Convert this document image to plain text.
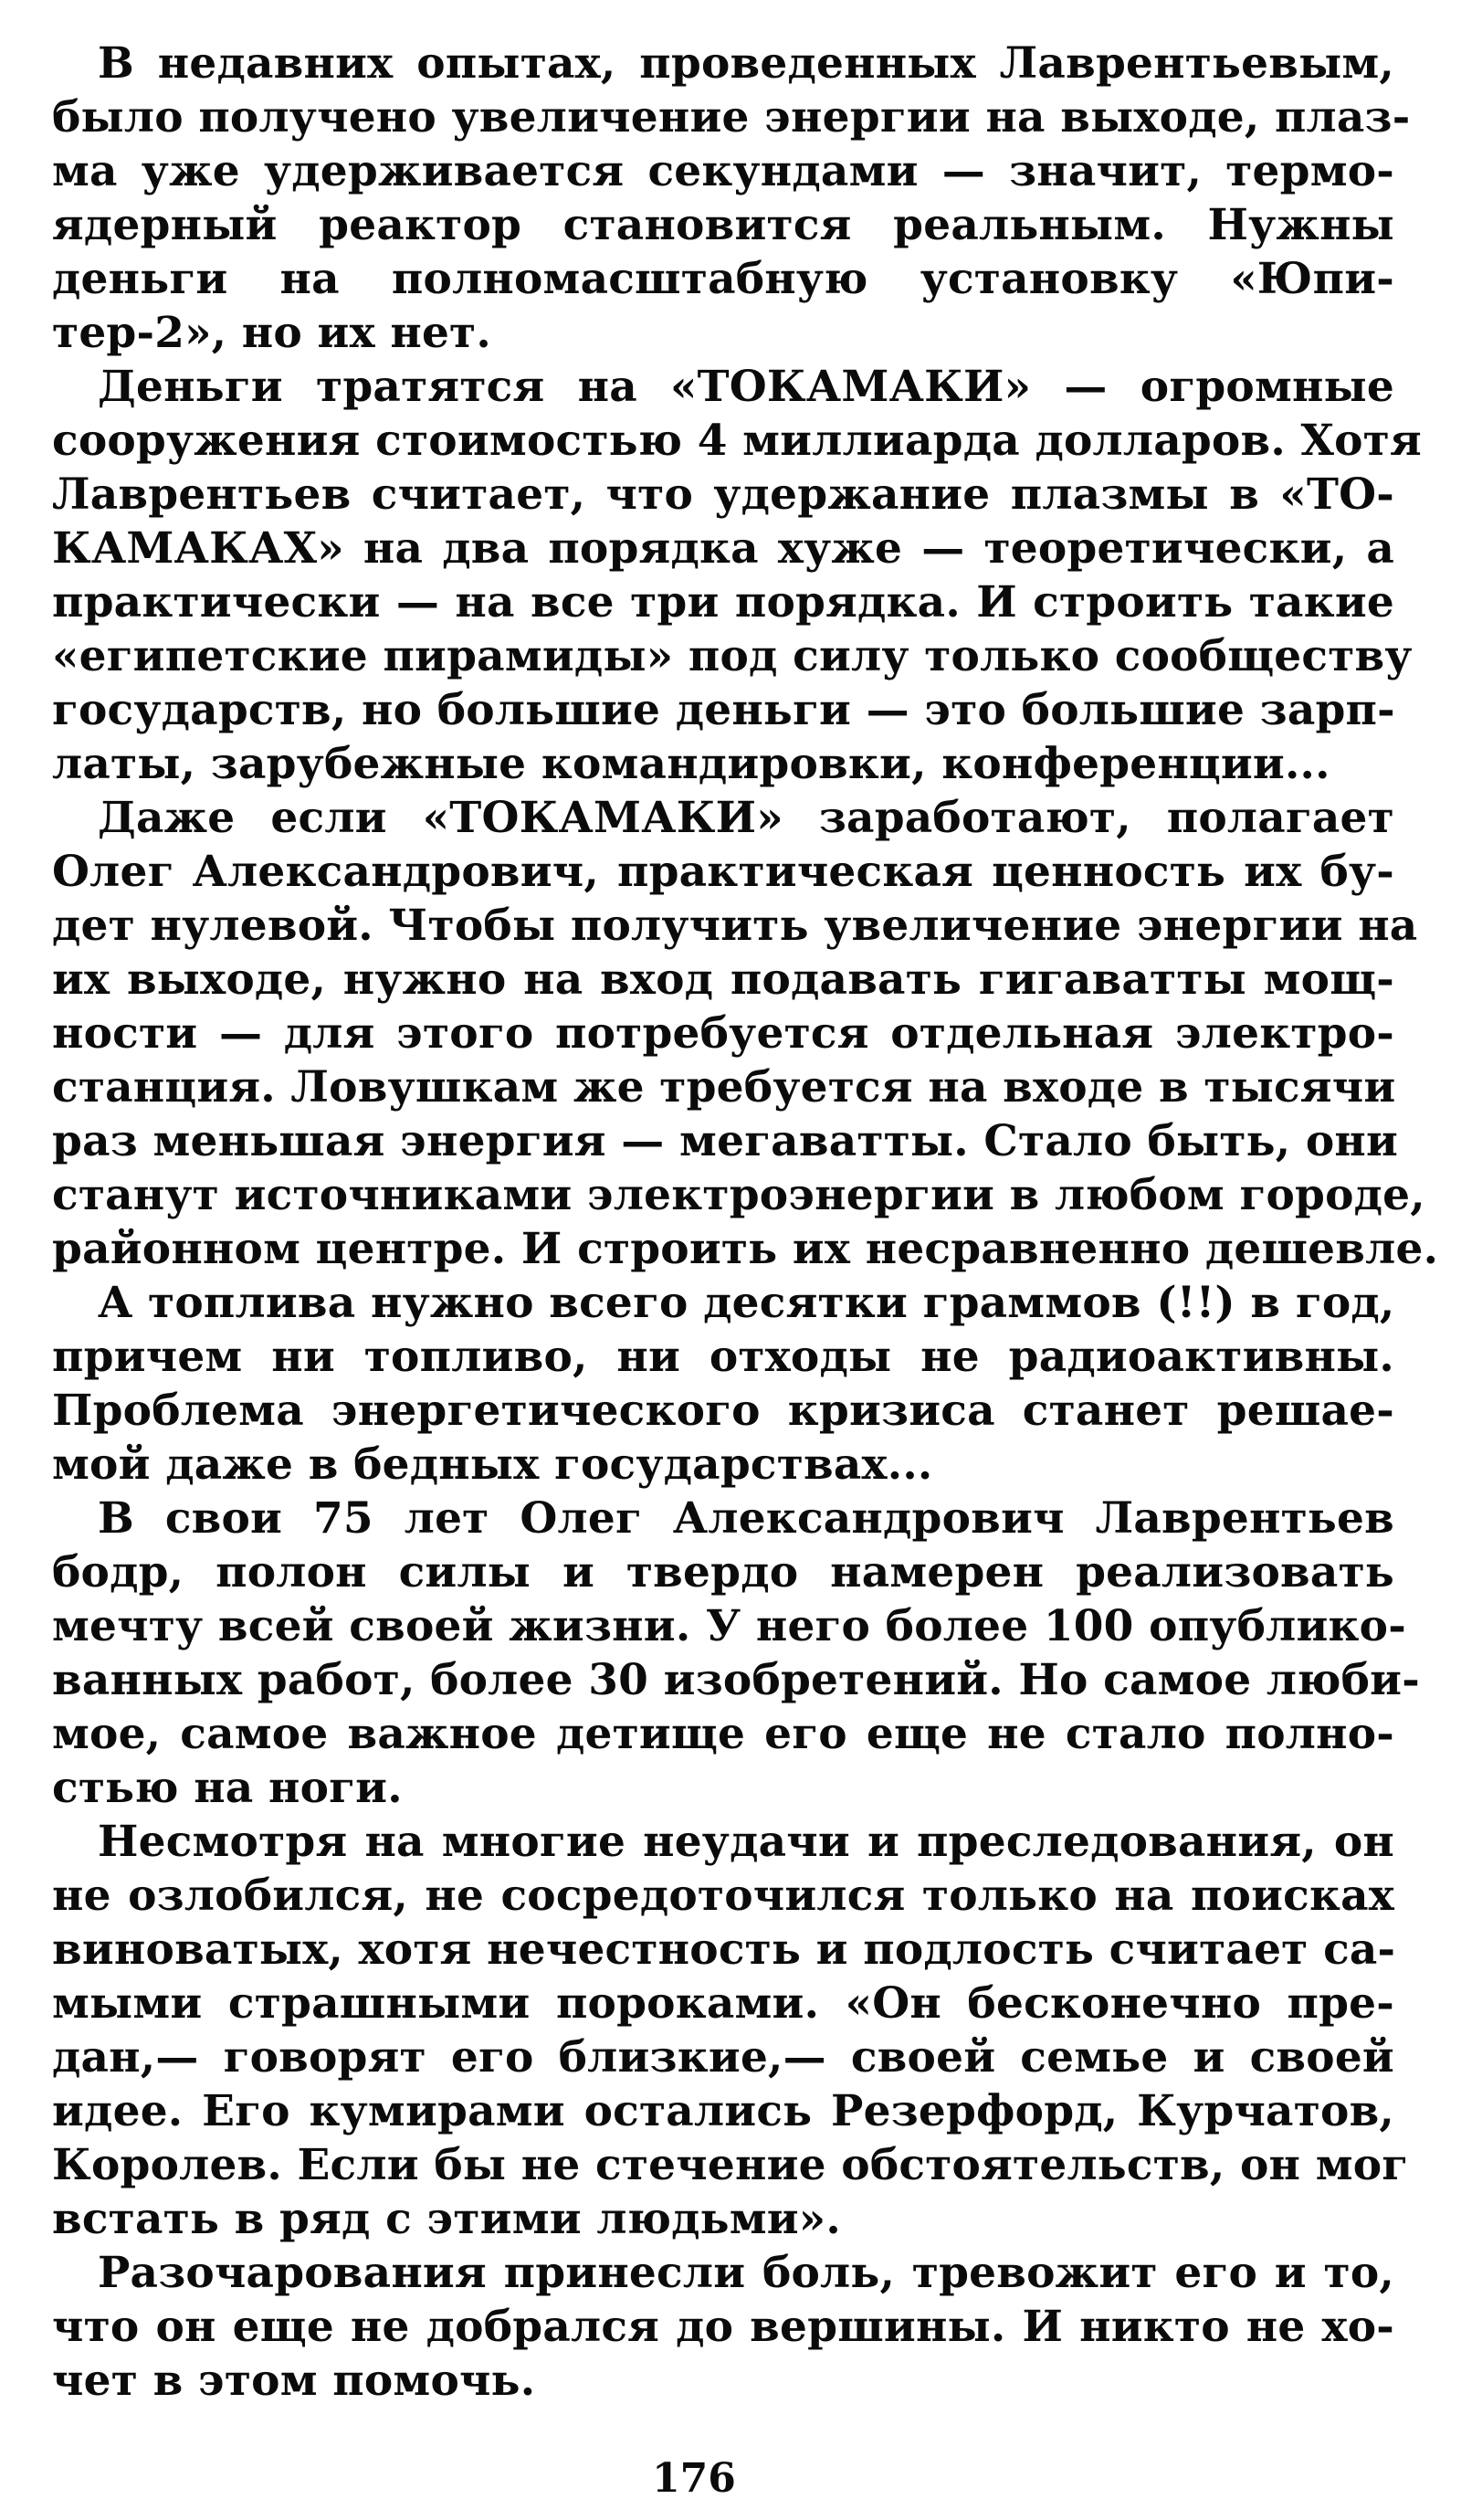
В недавних опытах, проведенных Лаврентьевым,
было получено увеличение энергии на выходе, плаз-
ма уже удерживается секундами — значит, термо-
ядерный реактор становится реальным. Нужны
деньги на полномасштабную установку «Юпи-
тер-2», но их нет.
Деньги тратятся на «ТОКАМАКИ» — огромные
сооружения стоимостью 4 миллиарда долларов. Хотя
Лаврентьев считает, что удержание плазмы в «ТО-
КАМАКАХ» на два порядка хуже — теоретически, а
практически — на все три порядка. И строить такие
«египетские пирамиды» под силу только сообществу
государств, но большие деньги — это большие зарп-
латы, зарубежные командировки, конференции...
Даже если «ТОКАМАКИ» заработают, полагает
Олег Александрович, практическая ценность их бу-
дет нулевой. Чтобы получить увеличение энергии на
их выходе, нужно на вход подавать гигаватты мощ-
ности — для этого потребуется отдельная электро-
станция. Ловушкам же требуется на входе в тысячи
раз меньшая энергия — мегаватты. Стало быть, они
станут источниками электроэнергии в любом городе,
районном центре. И строить их несравненно дешевле.
А топлива нужно всего десятки граммов (!!) в год,
причем ни топливо, ни отходы не радиоактивны.
Проблема энергетического кризиса станет решае-
мой даже в бедных государствах...
В свои 75 лет Олег Александрович Лаврентьев
бодр, полон силы и твердо намерен реализовать
мечту всей своей жизни. У него более 100 опублико-
ванных работ, более 30 изобретений. Но самое люби-
мое, самое важное детище его еще не стало полно-
стью на ноги.
Несмотря на многие неудачи и преследования, он
не озлобился, не сосредоточился только на поисках
виноватых, хотя нечестность и подлость считает са-
мыми страшными пороками. «Он бесконечно пре-
дан,— говорят его близкие,— своей семье и своей
идее. Его кумирами остались Резерфорд, Курчатов,
Королев. Если бы не стечение обстоятельств, он мог
встать в ряд с этими людьми».
Разочарования принесли боль, тревожит его и то,
что он еще не добрался до вершины. И никто не хо-
чет в этом помочь.
176
